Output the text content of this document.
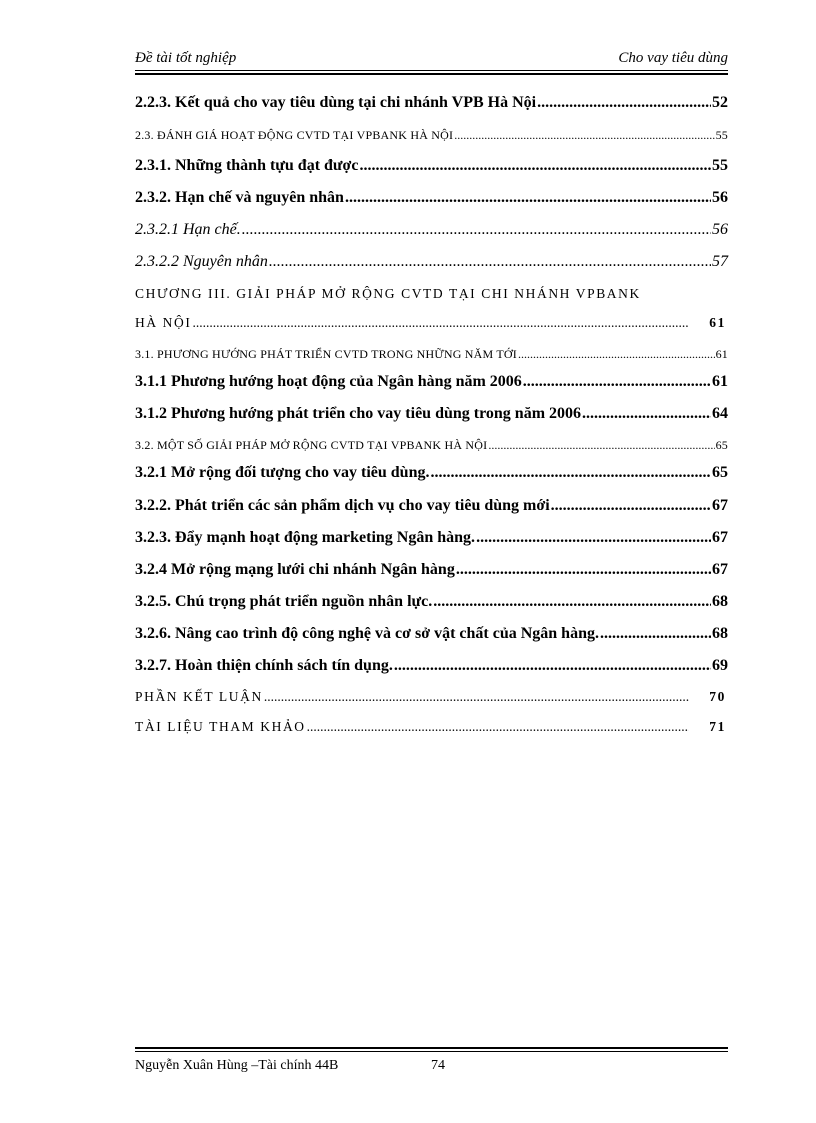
Đề tài tốt nghiệp	Cho vay tiêu dùng
2.2.3. Kết quả cho vay tiêu dùng tại chi nhánh VPB Hà Nội .....	52
2.3. ĐÁNH GIÁ HOẠT ĐỘNG CVTD TẠI VPBANK HÀ NỘI .....	55
2.3.1. Những thành tựu đạt được .....	55
2.3.2. Hạn chế và nguyên nhân .....	56
2.3.2.1 Hạn chế. .....	56
2.3.2.2 Nguyên nhân .....	57
CHƯƠNG III. GIẢI PHÁP MỞ RỘNG CVTD TẠI CHI NHÁNH VPBANK
HÀ NỘI .....	61
3.1. PHƯƠNG HƯỚNG PHÁT TRIỂN CVTD TRONG NHỮNG NĂM TỚI .....	61
3.1.1 Phương hướng hoạt động của Ngân hàng năm 2006 .....	61
3.1.2 Phương hướng phát triển cho vay tiêu dùng trong năm 2006 .....	64
3.2. MỘT SỐ GIẢI PHÁP MỞ RỘNG CVTD TẠI VPBANK HÀ NỘI .....	65
3.2.1 Mở rộng đối tượng cho vay tiêu dùng. .....	65
3.2.2. Phát triển các sản phẩm dịch vụ cho vay tiêu dùng mới .....	67
3.2.3. Đẩy mạnh hoạt động marketing Ngân hàng. .....	67
3.2.4 Mở rộng mạng lưới chi nhánh Ngân hàng .....	67
3.2.5. Chú trọng phát triển nguồn nhân lực. .....	68
3.2.6. Nâng cao trình độ công nghệ và cơ sở vật chất của Ngân hàng. .....	68
3.2.7. Hoàn thiện chính sách tín dụng. .....	69
PHẦN KẾT LUẬN .....	70
TÀI LIỆU THAM KHẢO .....	71
Nguyễn Xuân Hùng –Tài chính 44B	74
